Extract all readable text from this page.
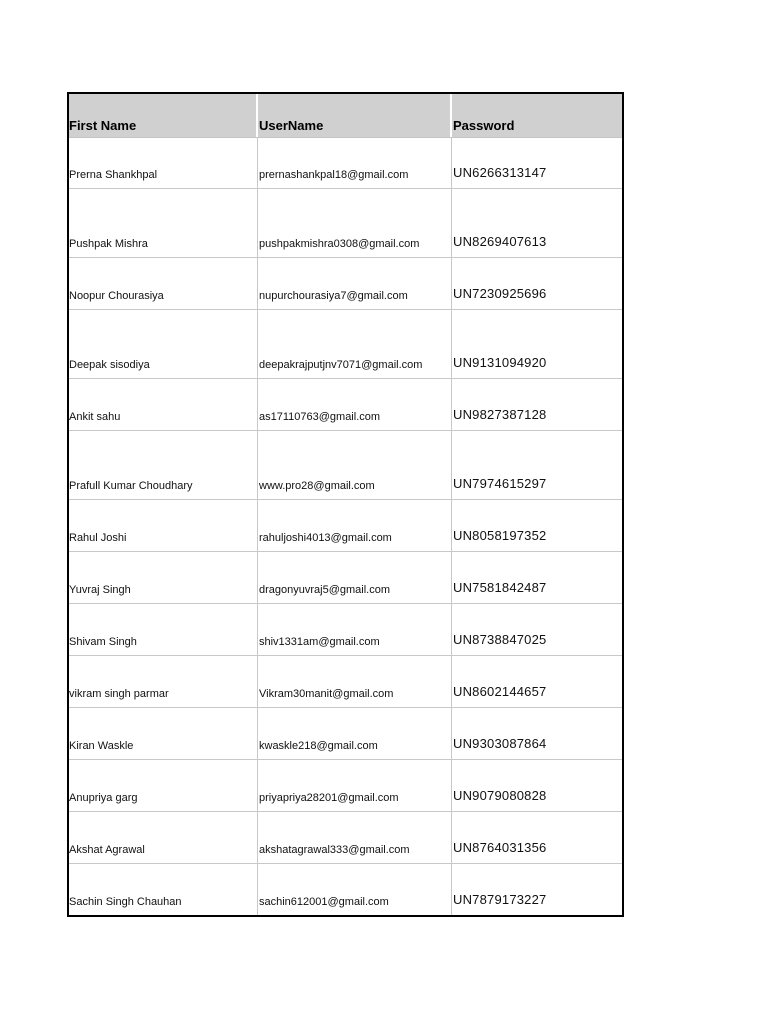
First Name	UserName	Password
Prerna Shankhpal	prernashankpal18@gmail.com	UN6266313147
Pushpak Mishra	pushpakmishra0308@gmail.com	UN8269407613
Noopur Chourasiya	nupurchourasiya7@gmail.com	UN7230925696
Deepak sisodiya	deepakrajputjnv7071@gmail.com	UN9131094920
Ankit sahu	as17110763@gmail.com	UN9827387128
Prafull Kumar Choudhary	www.pro28@gmail.com	UN7974615297
Rahul Joshi	rahuljoshi4013@gmail.com	UN8058197352
Yuvraj Singh	dragonyuvraj5@gmail.com	UN7581842487
Shivam Singh	shiv1331am@gmail.com	UN8738847025
vikram singh parmar	Vikram30manit@gmail.com	UN8602144657
Kiran Waskle	kwaskle218@gmail.com	UN9303087864
Anupriya garg	priyapriya28201@gmail.com	UN9079080828
Akshat Agrawal	akshatagrawal333@gmail.com	UN8764031356
Sachin Singh Chauhan	sachin612001@gmail.com	UN7879173227
